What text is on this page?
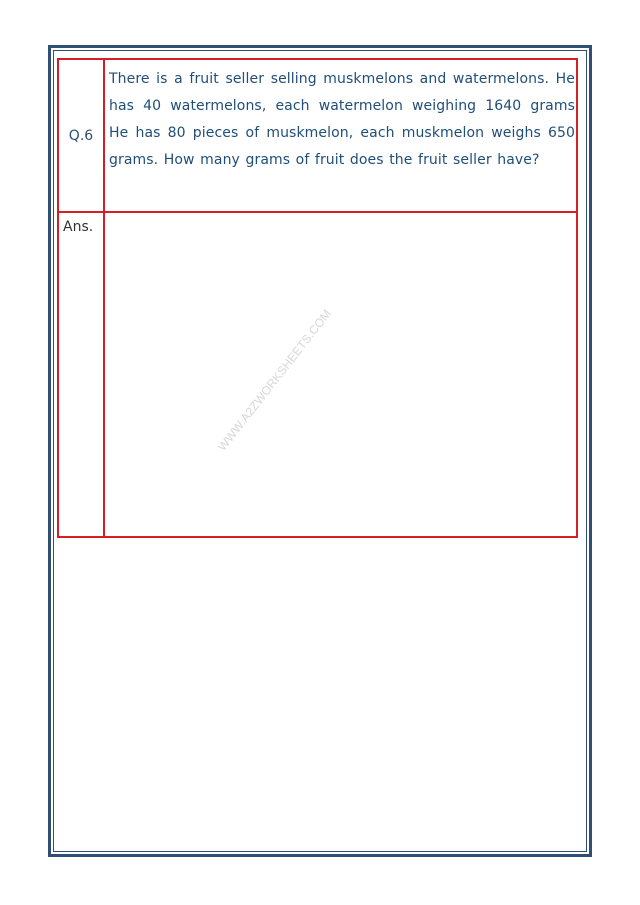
Q.6
There is a fruit seller selling muskmelons and watermelons. He has 40 watermelons, each watermelon weighing 1640 grams He has 80 pieces of muskmelon, each muskmelon weighs 650 grams. How many grams of fruit does the fruit seller have?
Ans.
WWW.A2ZWORKSHEETS.COM
